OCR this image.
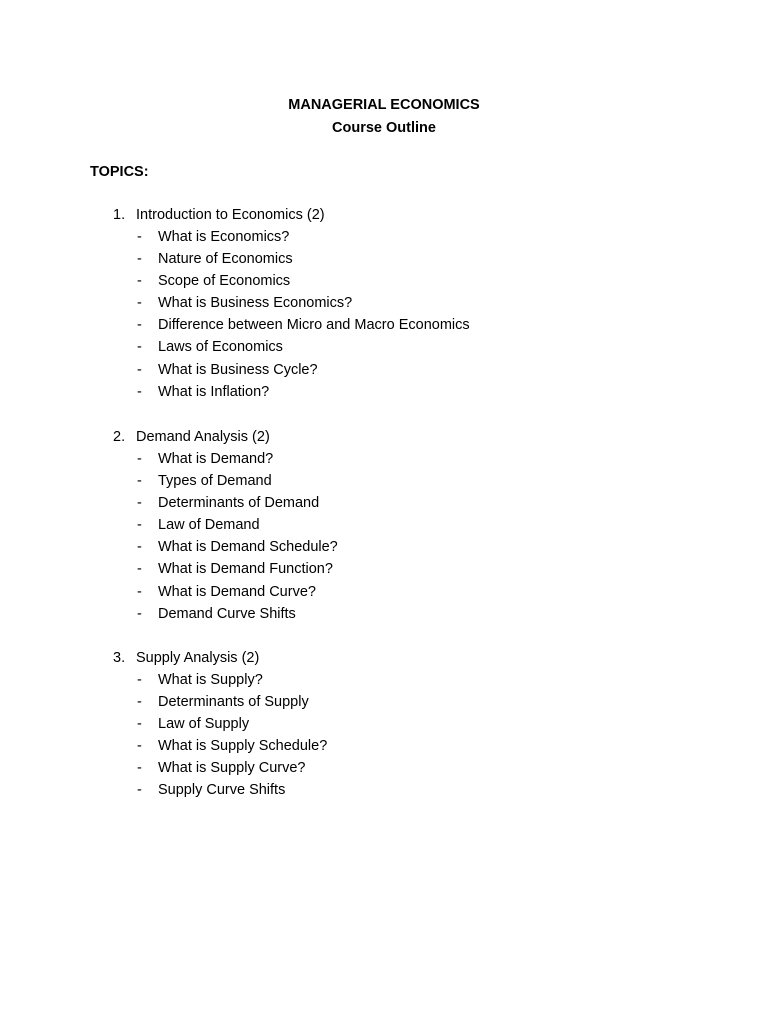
MANAGERIAL ECONOMICS
Course Outline
TOPICS:
1. Introduction to Economics (2)
- What is Economics?
- Nature of Economics
- Scope of Economics
- What is Business Economics?
- Difference between Micro and Macro Economics
- Laws of Economics
- What is Business Cycle?
- What is Inflation?
2. Demand Analysis (2)
- What is Demand?
- Types of Demand
- Determinants of Demand
- Law of Demand
- What is Demand Schedule?
- What is Demand Function?
- What is Demand Curve?
- Demand Curve Shifts
3. Supply Analysis (2)
- What is Supply?
- Determinants of Supply
- Law of Supply
- What is Supply Schedule?
- What is Supply Curve?
- Supply Curve Shifts
